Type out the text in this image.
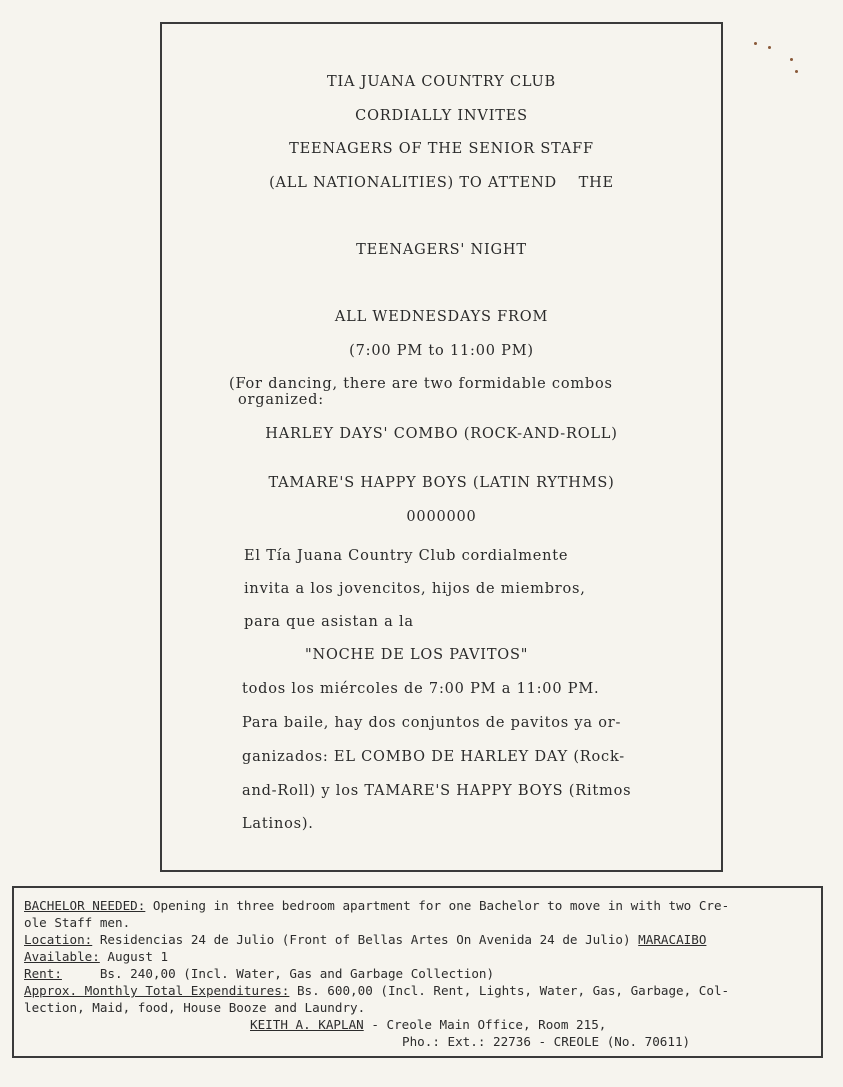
TIA JUANA COUNTRY CLUB
CORDIALLY INVITES
TEENAGERS OF THE SENIOR STAFF
(ALL NATIONALITIES) TO ATTEND    THE
TEENAGERS' NIGHT
ALL WEDNESDAYS FROM
(7:00 PM to 11:00 PM)
(For dancing, there are two formidable combos
organized:
HARLEY DAYS' COMBO (ROCK-AND-ROLL)
TAMARE'S HAPPY BOYS (LATIN RYTHMS)
0000000
El Tía Juana Country Club cordialmente
invita a los jovencitos, hijos de miembros,
para que asistan a la
"NOCHE DE LOS PAVITOS"
todos los miércoles de 7:00 PM a 11:00 PM.
Para baile, hay dos conjuntos de pavitos ya or-
ganizados: EL COMBO DE HARLEY DAY (Rock-
and-Roll) y los TAMARE'S HAPPY BOYS (Ritmos
Latinos).
BACHELOR NEEDED: Opening in three bedroom apartment for one Bachelor to move in with two Cre-
ole Staff men.
Location: Residencias 24 de Julio (Front of Bellas Artes On Avenida 24 de Julio) MARACAIBO
Available: August 1
Rent:     Bs. 240,00 (Incl. Water, Gas and Garbage Collection)
Approx. Monthly Total Expenditures: Bs. 600,00 (Incl. Rent, Lights, Water, Gas, Garbage, Col-
lection, Maid, food, House Booze and Laundry.
KEITH A. KAPLAN - Creole Main Office, Room 215,
Pho.: Ext.: 22736 - CREOLE (No. 70611)
